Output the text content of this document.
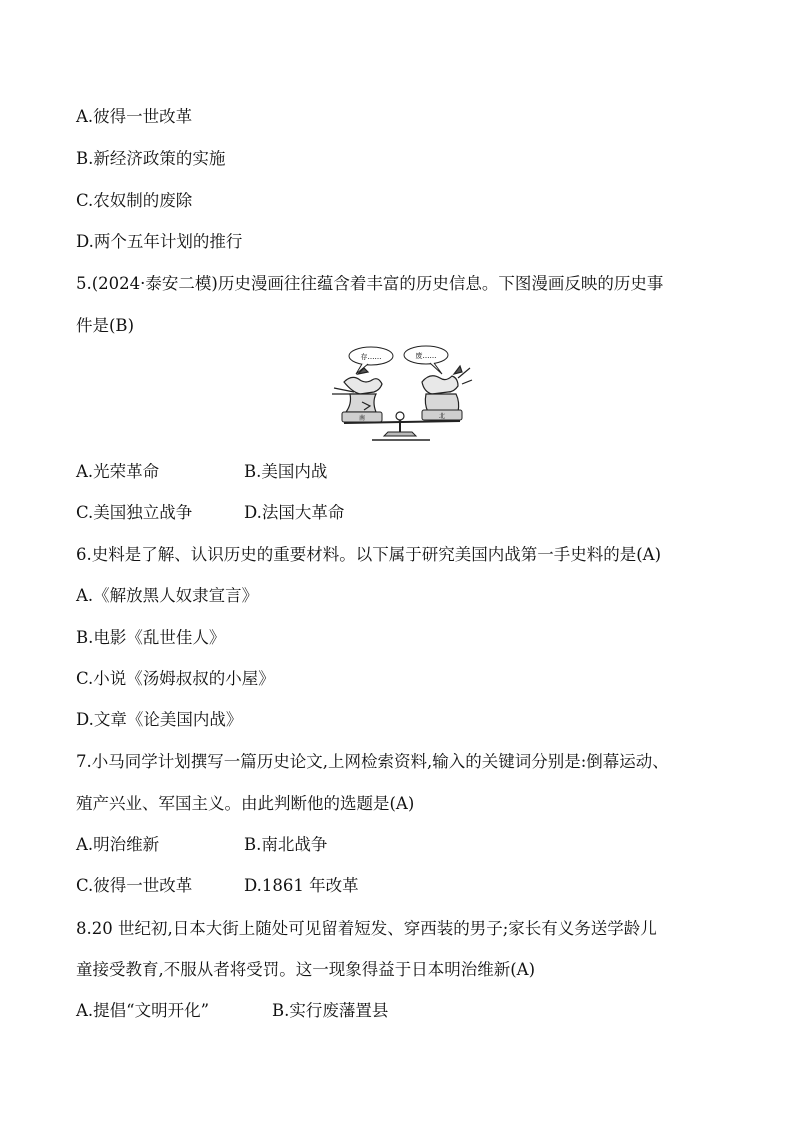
A.彼得一世改革
B.新经济政策的实施
C.农奴制的废除
D.两个五年计划的推行
5.(2024·泰安二模)历史漫画往往蕴含着丰富的历史信息。下图漫画反映的历史事
件是(B)
存……	废……
南	北
A.光荣革命	B.美国内战
C.美国独立战争	D.法国大革命
6.史料是了解、认识历史的重要材料。以下属于研究美国内战第一手史料的是(A)
A.《解放黑人奴隶宣言》
B.电影《乱世佳人》
C.小说《汤姆叔叔的小屋》
D.文章《论美国内战》
7.小马同学计划撰写一篇历史论文,上网检索资料,输入的关键词分别是:倒幕运动、
殖产兴业、军国主义。由此判断他的选题是(A)
A.明治维新	B.南北战争
C.彼得一世改革	D.1861 年改革
8.20 世纪初,日本大街上随处可见留着短发、穿西装的男子;家长有义务送学龄儿
童接受教育,不服从者将受罚。这一现象得益于日本明治维新(A)
A.提倡“文明开化”	B.实行废藩置县
